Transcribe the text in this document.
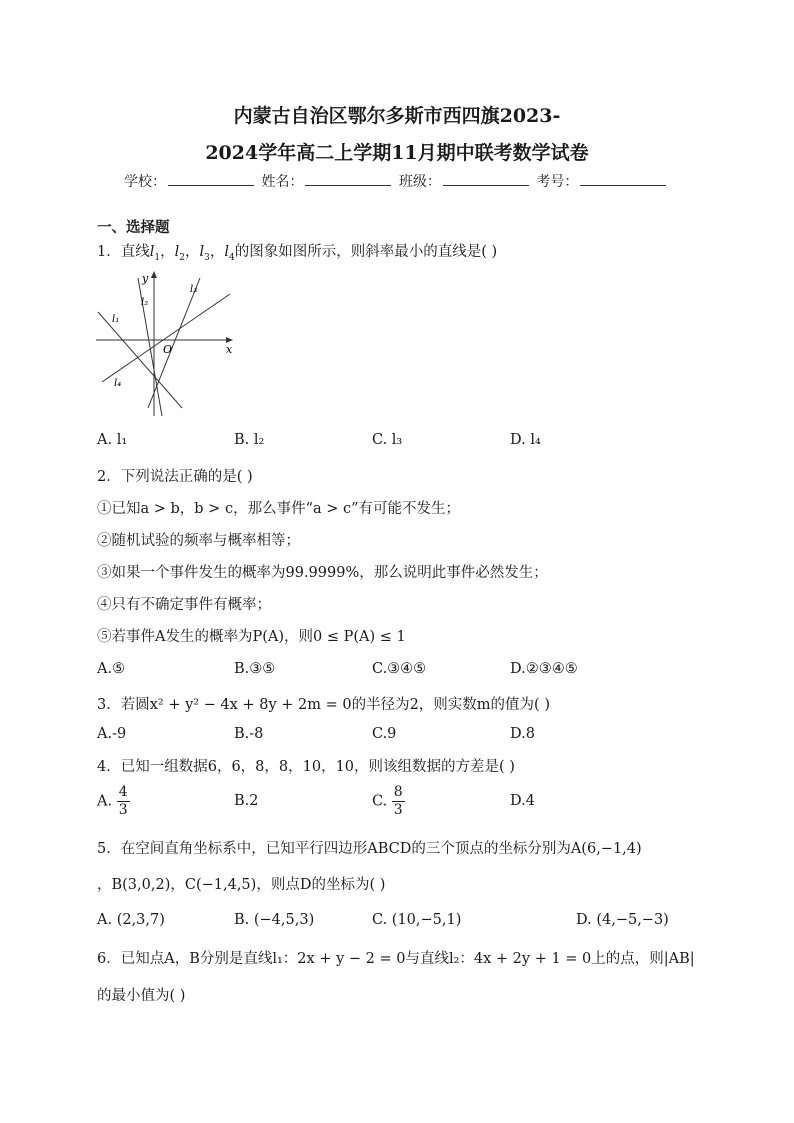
内蒙古自治区鄂尔多斯市西四旗2023-
2024学年高二上学期11月期中联考数学试卷
学校：	姓名：	班级：	考号：
一、选择题
1．直线$l_1$，$l_2$，$l_3$，$l_4$的图象如图所示，则斜率最小的直线是( )
y
x
O
l₁
l₂
l₃
l₄
A. l₁	B. l₂	C. l₃	D. l₄
2．下列说法正确的是( )
①已知a > b，b > c，那么事件“a > c”有可能不发生；
②随机试验的频率与概率相等；
③如果一个事件发生的概率为99.9999%，那么说明此事件必然发生；
④只有不确定事件有概率；
⑤若事件A发生的概率为P(A)，则0 ≤ P(A) ≤ 1
A.⑤	B.③⑤	C.③④⑤	D.②③④⑤
3．若圆x² + y² − 4x + 8y + 2m = 0的半径为2，则实数m的值为( )
A.-9	B.-8	C.9	D.8
4．已知一组数据6，6，8，8，10，10，则该组数据的方差是( )
A. $\frac{4}{3}$	B.2	C. $\frac{8}{3}$	D.4
5．在空间直角坐标系中，已知平行四边形ABCD的三个顶点的坐标分别为A(6,−1,4)
，B(3,0,2)，C(−1,4,5)，则点D的坐标为( )
A. (2,3,7)	B. (−4,5,3)	C. (10,−5,1)	D. (4,−5,−3)
6．已知点A，B分别是直线l₁：2x + y − 2 = 0与直线l₂：4x + 2y + 1 = 0上的点，则|AB|
的最小值为( )
